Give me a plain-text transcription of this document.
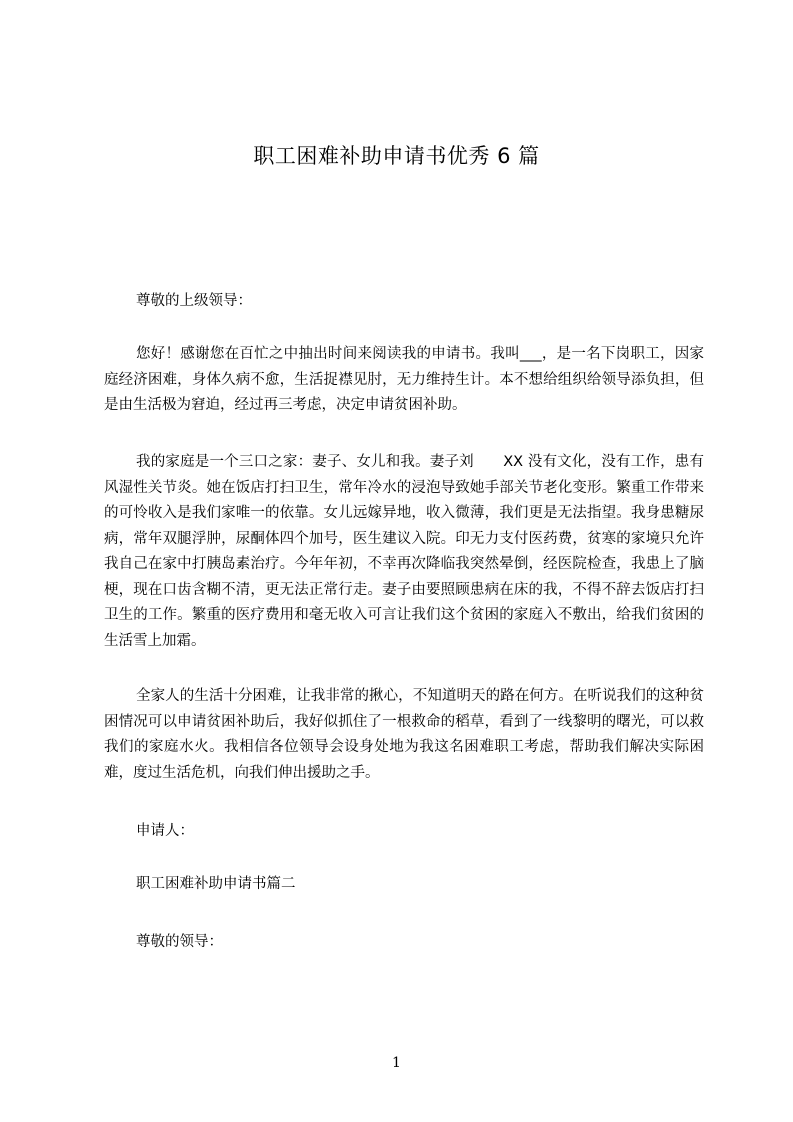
职工困难补助申请书优秀 6 篇

尊敬的上级领导：

您好！感谢您在百忙之中抽出时间来阅读我的申请书。我叫___，是一名下岗职工，因家庭经济困难，身体久病不愈，生活捉襟见肘，无力维持生计。本不想给组织给领导添负担，但是由生活极为窘迫，经过再三考虑，决定申请贫困补助。

我的家庭是一个三口之家：妻子、女儿和我。妻子刘　　XX 没有文化，没有工作，患有风湿性关节炎。她在饭店打扫卫生，常年冷水的浸泡导致她手部关节老化变形。繁重工作带来的可怜收入是我们家唯一的依靠。女儿远嫁异地，收入微薄，我们更是无法指望。我身患糖尿病，常年双腿浮肿，尿酮体四个加号，医生建议入院。印无力支付医药费，贫寒的家境只允许我自己在家中打胰岛素治疗。今年年初，不幸再次降临我突然晕倒，经医院检查，我患上了脑梗，现在口齿含糊不清，更无法正常行走。妻子由要照顾患病在床的我，不得不辞去饭店打扫卫生的工作。繁重的医疗费用和毫无收入可言让我们这个贫困的家庭入不敷出，给我们贫困的生活雪上加霜。

全家人的生活十分困难，让我非常的揪心，不知道明天的路在何方。在听说我们的这种贫困情况可以申请贫困补助后，我好似抓住了一根救命的稻草，看到了一线黎明的曙光，可以救我们的家庭水火。我相信各位领导会设身处地为我这名困难职工考虑，帮助我们解决实际困难，度过生活危机，向我们伸出援助之手。

申请人：

职工困难补助申请书篇二

尊敬的领导：

1
